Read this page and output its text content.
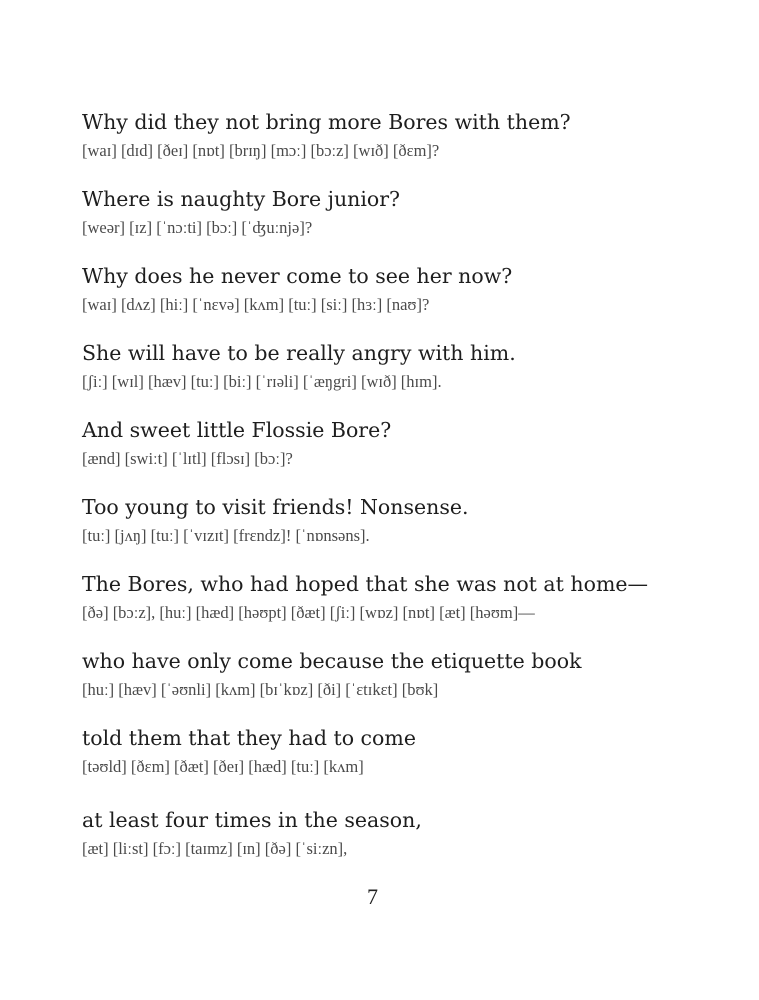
Why did they not bring more Bores with them?
[waɪ] [dɪd] [ðeɪ] [nɒt] [brɪŋ] [mɔː] [bɔːz] [wɪð] [ðɛm]?
Where is naughty Bore junior?
[weər] [ɪz] [ˈnɔːti] [bɔː] [ˈʤuːnjə]?
Why does he never come to see her now?
[waɪ] [dʌz] [hiː] [ˈnɛvə] [kʌm] [tuː] [siː] [hɜː] [naʊ]?
She will have to be really angry with him.
[ʃiː] [wɪl] [hæv] [tuː] [biː] [ˈrɪəli] [ˈæŋgri] [wɪð] [hɪm].
And sweet little Flossie Bore?
[ænd] [swiːt] [ˈlɪtl] [flɔsɪ] [bɔː]?
Too young to visit friends! Nonsense.
[tuː] [jʌŋ] [tuː] [ˈvɪzɪt] [frɛndz]! [ˈnɒnsəns].
The Bores, who had hoped that she was not at home—
[ðə] [bɔːz], [huː] [hæd] [həʊpt] [ðæt] [ʃiː] [wɒz] [nɒt] [æt] [həʊm]—
who have only come because the etiquette book
[huː] [hæv] [ˈəʊnli] [kʌm] [bɪˈkɒz] [ði] [ˈɛtɪkɛt] [bʊk]
told them that they had to come
[təʊld] [ðɛm] [ðæt] [ðeɪ] [hæd] [tuː] [kʌm]
at least four times in the season,
[æt] [liːst] [fɔː] [taɪmz] [ɪn] [ðə] [ˈsiːzn],
7
